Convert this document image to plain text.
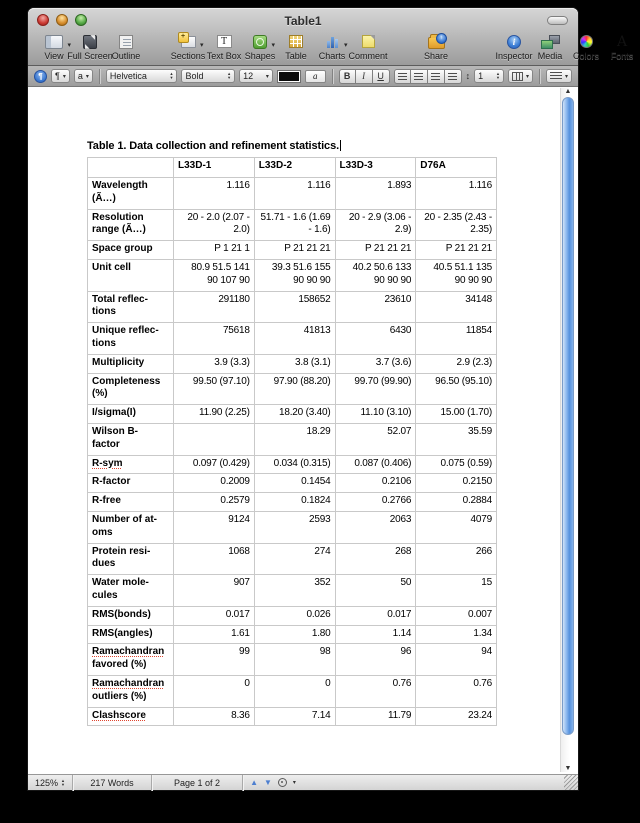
Table1
▾
View
◥ ◣ Full Screen
Outline
+
▾
Sections
T
Text Box
▾
Shapes Table
▾
Charts Comment
↑	Share
i
Inspector Media Colors
A
Fonts
¶	¶ ▾ a ▾ Helvetica	▲
▼ Bold	▲
▼ 12 ▾	a	B	I	U	↕ 1	▲
▼	▾	▾
Table 1. Data collection and refinement statistics.
	L33D-1	L33D-2	L33D-3	D76A

Wavelength
(Ã…)	1.116	1.116	1.893	1.116

Resolution
range (Ã…)	20 - 2.0 (2.07 - 2.0)	51.71 - 1.6 (1.69 - 1.6)	20 - 2.9 (3.06 - 2.9)	20 - 2.35 (2.43 - 2.35)

Space group	P 1 21 1	P 21 21 21	P 21 21 21	P 21 21 21

Unit cell	80.9 51.5 141 90 107 90	39.3 51.6 155 90 90 90	40.2 50.6 133 90 90 90	40.5 51.1 135 90 90 90

Total reflec-
tions	291180	158652	23610	34148

Unique reflec-
tions	75618	41813	6430	11854

Multiplicity	3.9 (3.3)	3.8 (3.1)	3.7 (3.6)	2.9 (2.3)

Completeness
(%)	99.50 (97.10)	97.90 (88.20)	99.70 (99.90)	96.50 (95.10)

I/sigma(I)	11.90 (2.25)	18.20 (3.40)	11.10 (3.10)	15.00 (1.70)

Wilson B-
factor		18.29	52.07	35.59

R-sym	0.097 (0.429)	0.034 (0.315)	0.087 (0.406)	0.075 (0.59)

R-factor	0.2009	0.1454	0.2106	0.2150

R-free	0.2579	0.1824	0.2766	0.2884

Number of at-
oms	9124	2593	2063	4079

Protein resi-
dues	1068	274	268	266

Water mole-
cules	907	352	50	15

RMS(bonds)	0.017	0.026	0.017	0.007

RMS(angles)	1.61	1.80	1.14	1.34

Ramachandran
favored (%)	99	98	96	94

Ramachandran
outliers (%)	0	0	0.76	0.76

Clashscore	8.36	7.14	11.79	23.24
▲
▼
125% ▲
▼	217 Words	Page 1 of 2	▲ ▼	▾
